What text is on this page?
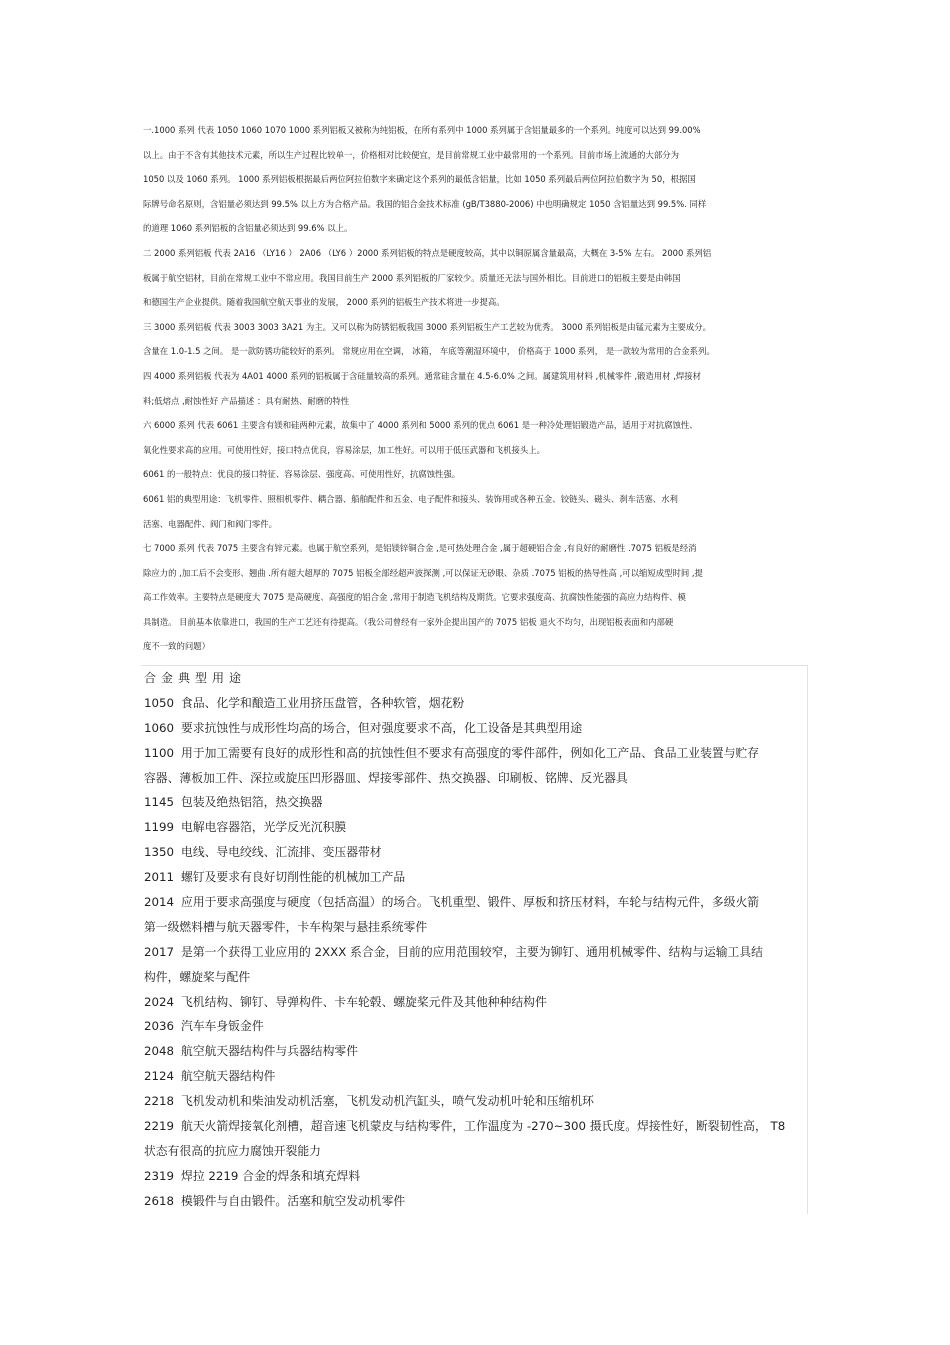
一.1000 系列 代表 1050 1060 1070 1000 系列铝板又被称为纯铝板，在所有系列中 1000 系列属于含铝量最多的一个系列。纯度可以达到 99.00%

以上。由于不含有其他技术元素，所以生产过程比较单一，价格相对比较便宜，是目前常规工业中最常用的一个系列。目前市场上流通的大部分为

1050 以及 1060 系列。 1000 系列铝板根据最后两位阿拉伯数字来确定这个系列的最低含铝量，比如 1050 系列最后两位阿拉伯数字为 50，根据国

际牌号命名原则，含铝量必须达到 99.5% 以上方为合格产品。我国的铝合金技术标准 (gB/T3880-2006) 中也明确规定 1050 含铝量达到 99.5%. 同样

的道理 1060 系列铝板的含铝量必须达到 99.6% 以上。

二 2000 系列铝板 代表 2A16 （LY16 ） 2A06 （LY6 ）2000 系列铝板的特点是硬度较高，其中以铜原属含量最高，大概在 3-5% 左右。 2000 系列铝

板属于航空铝材，目前在常规工业中不常应用。我国目前生产 2000 系列铝板的厂家较少。质量还无法与国外相比。目前进口的铝板主要是由韩国

和德国生产企业提供。随着我国航空航天事业的发展， 2000 系列的铝板生产技术将进一步提高。

三 3000 系列铝板 代表 3003 3003 3A21 为主。又可以称为防锈铝板我国 3000 系列铝板生产工艺较为优秀。 3000 系列铝板是由锰元素为主要成分。

含量在 1.0-1.5 之间。 是一款防锈功能较好的系列。 常规应用在空调， 冰箱， 车底等潮湿环境中， 价格高于 1000 系列， 是一款较为常用的合金系列。

四 4000 系列铝板 代表为 4A01 4000 系列的铝板属于含硅量较高的系列。通常硅含量在 4.5-6.0% 之间。属建筑用材料 ,机械零件 ,锻造用材 ,焊接材

料;低熔点 ,耐蚀性好 产品描述 ：具有耐热、耐磨的特性

六 6000 系列 代表 6061 主要含有镁和硅两种元素，故集中了 4000 系列和 5000 系列的优点 6061 是一种冷处理铝锻造产品，适用于对抗腐蚀性、

氧化性要求高的应用。可使用性好，接口特点优良，容易涂层，加工性好。可以用于低压武器和飞机接头上。

6061 的一般特点：优良的接口特征、容易涂层、强度高、可使用性好，抗腐蚀性强。

6061 铝的典型用途：飞机零件、照相机零件、耦合器、船舶配件和五金、电子配件和接头、装饰用或各种五金、铰链头、磁头、刹车活塞、水利

活塞、电器配件、阀门和阀门零件。

七 7000 系列 代表 7075 主要含有锌元素。也属于航空系列，是铝镁锌铜合金 ,是可热处理合金 ,属于超硬铝合金 ,有良好的耐磨性 .7075 铝板是经消

除应力的 ,加工后不会变形、翘曲 .所有超大超厚的 7075 铝板全部经超声波探测 ,可以保证无砂眼、杂质 .7075 铝板的热导性高 ,可以缩短成型时间 ,提

高工作效率。主要特点是硬度大 7075 是高硬度、高强度的铝合金 ,常用于制造飞机结构及期货。它要求强度高、抗腐蚀性能强的高应力结构件、模

具制造。 目前基本依靠进口，我国的生产工艺还有待提高。（我公司曾经有一家外企提出国产的 7075 铝板 退火不均匀，出现铝板表面和内部硬

度不一致的问题）

合金典型用途
1050 食品、化学和酿造工业用挤压盘管，各种软管，烟花粉
1060 要求抗蚀性与成形性均高的场合，但对强度要求不高，化工设备是其典型用途
1100 用于加工需要有良好的成形性和高的抗蚀性但不要求有高强度的零件部件，例如化工产品、食品工业装置与贮存
容器、薄板加工件、深拉或旋压凹形器皿、焊接零部件、热交换器、印刷板、铭牌、反光器具
1145 包装及绝热铝箔，热交换器
1199 电解电容器箔，光学反光沉积膜
1350 电线、导电绞线、汇流排、变压器带材
2011 螺钉及要求有良好切削性能的机械加工产品
2014 应用于要求高强度与硬度（包括高温）的场合。飞机重型、锻件、厚板和挤压材料，车轮与结构元件，多级火箭
第一级燃料槽与航天器零件，卡车构架与悬挂系统零件
2017 是第一个获得工业应用的 2XXX 系合金，目前的应用范围较窄，主要为铆钉、通用机械零件、结构与运输工具结
构件，螺旋桨与配件
2024 飞机结构、铆钉、导弹构件、卡车轮毂、螺旋桨元件及其他种种结构件
2036 汽车车身钣金件
2048 航空航天器结构件与兵器结构零件
2124 航空航天器结构件
2218 飞机发动机和柴油发动机活塞，飞机发动机汽缸头，喷气发动机叶轮和压缩机环
2219 航天火箭焊接氧化剂槽，超音速飞机蒙皮与结构零件，工作温度为 -270~300 摄氏度。焊接性好，断裂韧性高， T8
状态有很高的抗应力腐蚀开裂能力
2319 焊拉 2219 合金的焊条和填充焊料
2618 模锻件与自由锻件。活塞和航空发动机零件
